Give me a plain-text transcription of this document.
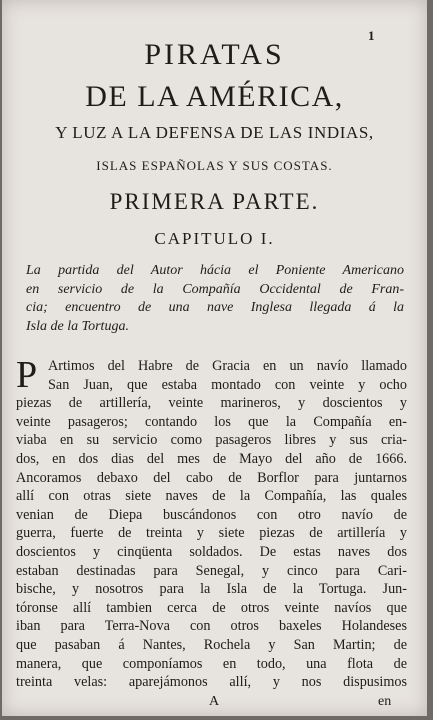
1
PIRATAS
DE LA AMÉRICA,
Y LUZ A LA DEFENSA DE LAS INDIAS,
ISLAS ESPAÑOLAS Y SUS COSTAS.
PRIMERA PARTE.
CAPITULO I.
La partida del Autor hácia el Poniente Americano
en servicio de la Compañía Occidental de Fran-
cia; encuentro de una nave Inglesa llegada á la
Isla de la Tortuga.
P Artimos del Habre de Gracia en un navío llamado
San Juan, que estaba montado con veinte y ocho
piezas de artillería, veinte marineros, y doscientos y
veinte pasageros; contando los que la Compañía en-
viaba en su servicio como pasageros libres y sus cria-
dos, en dos dias del mes de Mayo del año de 1666.
Ancoramos debaxo del cabo de Borflor para juntarnos
allí con otras siete naves de la Compañía, las quales
venian de Diepa buscándonos con otro navío de
guerra, fuerte de treinta y siete piezas de artillería y
doscientos y cinqüenta soldados. De estas naves dos
estaban destinadas para Senegal, y cinco para Cari-
bische, y nosotros para la Isla de la Tortuga. Jun-
tóronse allí tambien cerca de otros veinte navíos que
iban para Terra-Nova con otros baxeles Holandeses
que pasaban á Nantes, Rochela y San Martin; de
manera, que componíamos en todo, una flota de
treinta velas: aparejámonos allí, y nos dispusimos
A	en
